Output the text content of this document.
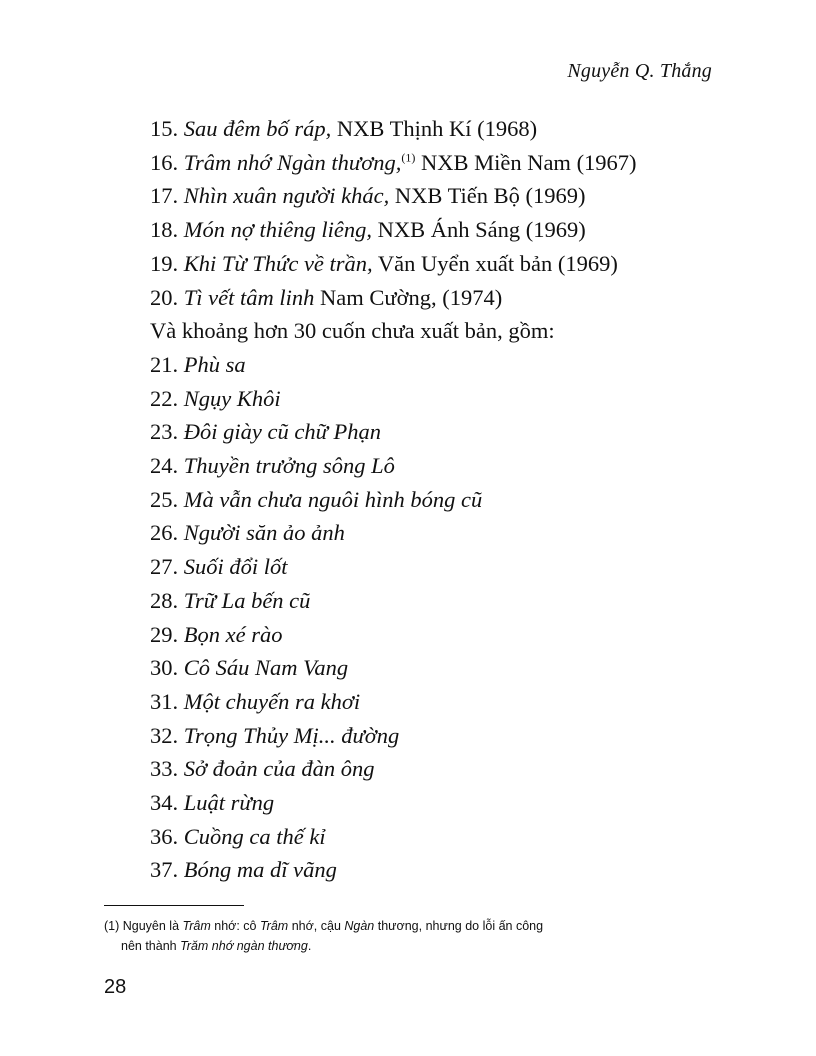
Nguyễn Q. Thắng
15. Sau đêm bố ráp, NXB Thịnh Kí (1968)
16. Trâm nhớ Ngàn thương,$^{(1)}$ NXB Miền Nam (1967)
17. Nhìn xuân người khác, NXB Tiến Bộ (1969)
18. Món nợ thiêng liêng, NXB Ánh Sáng (1969)
19. Khi Từ Thức về trần, Văn Uyển xuất bản (1969)
20. Tì vết tâm linh Nam Cường, (1974)
Và khoảng hơn 30 cuốn chưa xuất bản, gồm:
21. Phù sa
22. Ngụy Khôi
23. Đôi giày cũ chữ Phạn
24. Thuyền trưởng sông Lô
25. Mà vẫn chưa nguôi hình bóng cũ
26. Người săn ảo ảnh
27. Suối đổi lốt
28. Trữ La bến cũ
29. Bọn xé rào
30. Cô Sáu Nam Vang
31. Một chuyến ra khơi
32. Trọng Thủy Mị... đường
33. Sở đoản của đàn ông
34. Luật rừng
36. Cuồng ca thế kỉ
37. Bóng ma dĩ vãng
(1) Nguyên là Trâm nhớ: cô Trâm nhớ, cậu Ngàn thương, nhưng do lỗi ấn công
nên thành Trăm nhớ ngàn thương.
28
